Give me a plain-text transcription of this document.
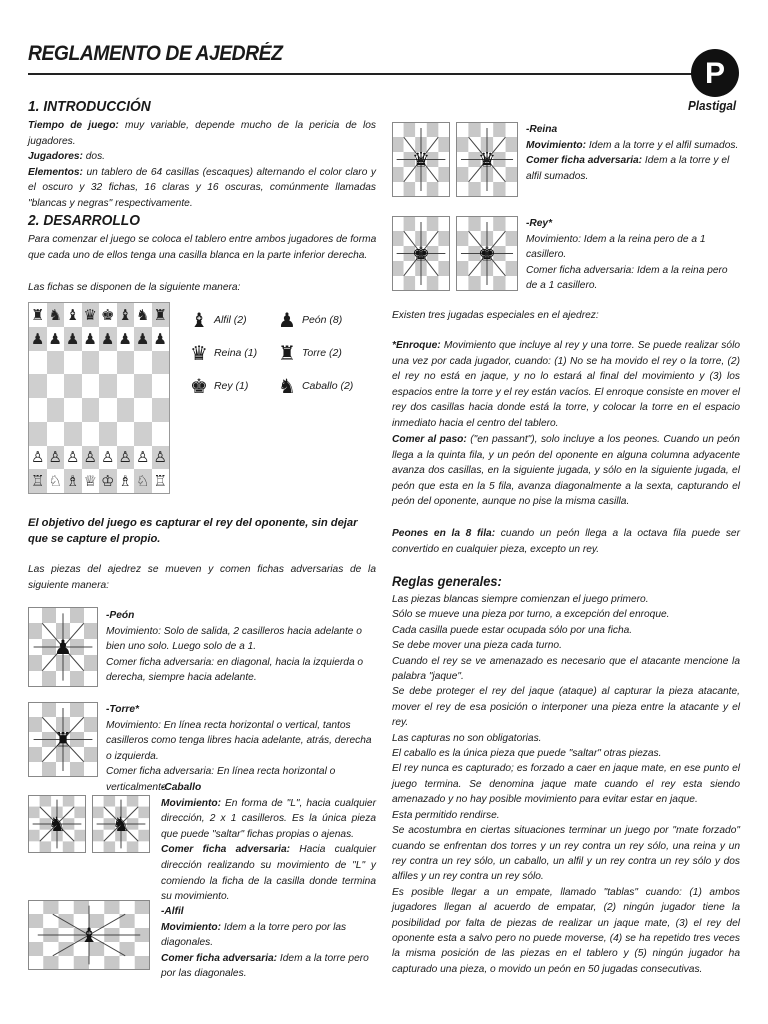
REGLAMENTO DE AJEDRÉZ
P
Plastigal
1. INTRODUCCIÓN
Tiempo de juego: muy variable, depende mucho de la pericia de los jugadores.
Jugadores: dos.
Elementos: un tablero de 64 casillas (escaques) alternando el color claro y el oscuro y 32 fichas, 16 claras y 16 oscuras, comúnmente llamadas "blancas y negras" respectivamente.
2. DESARROLLO
Para comenzar el juego se coloca el tablero entre ambos jugadores de forma que cada uno de ellos tenga una casilla blanca en la parte inferior derecha.
Las fichas se disponen de la siguiente manera:
♜ ♞ ♝ ♛ ♚ ♝ ♞ ♜
♟ ♟ ♟ ♟ ♟ ♟ ♟ ♟
♙ ♙ ♙ ♙ ♙ ♙ ♙ ♙
♖ ♘ ♗ ♕ ♔ ♗ ♘ ♖
♝ Alfil (2) ♟ Peón (8)
♛ Reina (1) ♜ Torre (2)
♚ Rey (1) ♞ Caballo (2)
El objetivo del juego es capturar el rey del oponente, sin dejar que se capture el propio.
Las piezas del ajedrez se mueven y comen fichas adversarias de la siguiente manera:
♟
-Peón
Movimiento: Solo de salida, 2 casilleros hacia adelante o bien uno solo. Luego solo de a 1.
Comer ficha adversaria: en diagonal, hacia la izquierda o derecha, siempre hacia adelante.
♜
-Torre*
Movimiento: En línea recta horizontal o vertical, tantos casilleros como tenga libres hacia adelante, atrás, derecha o izquierda.
Comer ficha adversaria: En línea recta horizontal o verticalmente.
♞ ♞
-Caballo
Movimiento: En forma de "L", hacia cualquier dirección, 2 x 1 casilleros. Es la única pieza que puede "saltar" fichas propias o ajenas.
Comer ficha adversaria: Hacia cualquier dirección realizando su movimiento de "L" y comiendo la ficha de la casilla donde termina su movimiento.
♝
-Alfil
Movimiento: Idem a la torre pero por las diagonales.
Comer ficha adversaria: Idem a la torre pero por las diagonales.
♛ ♛
-Reina
Movimiento: Idem a la torre y el alfil sumados.
Comer ficha adversaria: Idem a la torre y el alfil sumados.
♚ ♚
-Rey*
Movimiento: Idem a la reina pero de a 1 casillero.
Comer ficha adversaria: Idem a la reina pero de a 1 casillero.
Existen tres jugadas especiales en el ajedrez:
*Enroque: Movimiento que incluye al rey y una torre. Se puede realizar sólo una vez por cada jugador, cuando: (1) No se ha movido el rey o la torre, (2) el rey no está en jaque, y no lo estará al final del movimiento y (3) los espacios entre la torre y el rey están vacíos. El enroque consiste en mover el rey dos casillas hacia donde está la torre, y colocar la torre en el espacio inmediato hacia el centro del tablero.
Comer al paso: ("en passant"), solo incluye a los peones. Cuando un peón llega a la quinta fila, y un peón del oponente en alguna columna adyacente avanza dos casillas, en la siguiente jugada, y sólo en la siguiente jugada, el peón que esta en la 5 fila, avanza diagonalmente a la sexta, capturando el peón del oponente, aunque no pise la misma casilla.
Peones en la 8 fila: cuando un peón llega a la octava fila puede ser convertido en cualquier pieza, excepto un rey.
Reglas generales:
Las piezas blancas siempre comienzan el juego primero.
Sólo se mueve una pieza por turno, a excepción del enroque.
Cada casilla puede estar ocupada sólo por una ficha.
Se debe mover una pieza cada turno.
Cuando el rey se ve amenazado es necesario que el atacante mencione la palabra "jaque".
Se debe proteger el rey del jaque (ataque) al capturar la pieza atacante, mover el rey de esa posición o interponer una pieza entre la atacante y el rey.
Las capturas no son obligatorias.
El caballo es la única pieza que puede "saltar" otras piezas.
El rey nunca es capturado; es forzado a caer en jaque mate, en ese punto el juego termina. Se denomina jaque mate cuando el rey esta siendo amenazado y no hay posible movimiento para evitar estar en jaque.
Esta permitido rendirse.
Se acostumbra en ciertas situaciones terminar un juego por "mate forzado" cuando se enfrentan dos torres y un rey contra un rey sólo, una reina y un rey contra un rey sólo, un caballo, un alfil y un rey contra un rey sólo y dos alfiles y un rey contra un rey sólo.
Es posible llegar a un empate, llamado "tablas" cuando: (1) ambos jugadores llegan al acuerdo de empatar, (2) ningún jugador tiene la posibilidad por falta de piezas de realizar un jaque mate, (3) el rey del oponente esta a salvo pero no puede moverse, (4) se ha repetido tres veces la misma posición de las piezas en el tablero y (5) ningún jugador ha capturado una pieza, o movido un peón en 50 jugadas consecutivas.
